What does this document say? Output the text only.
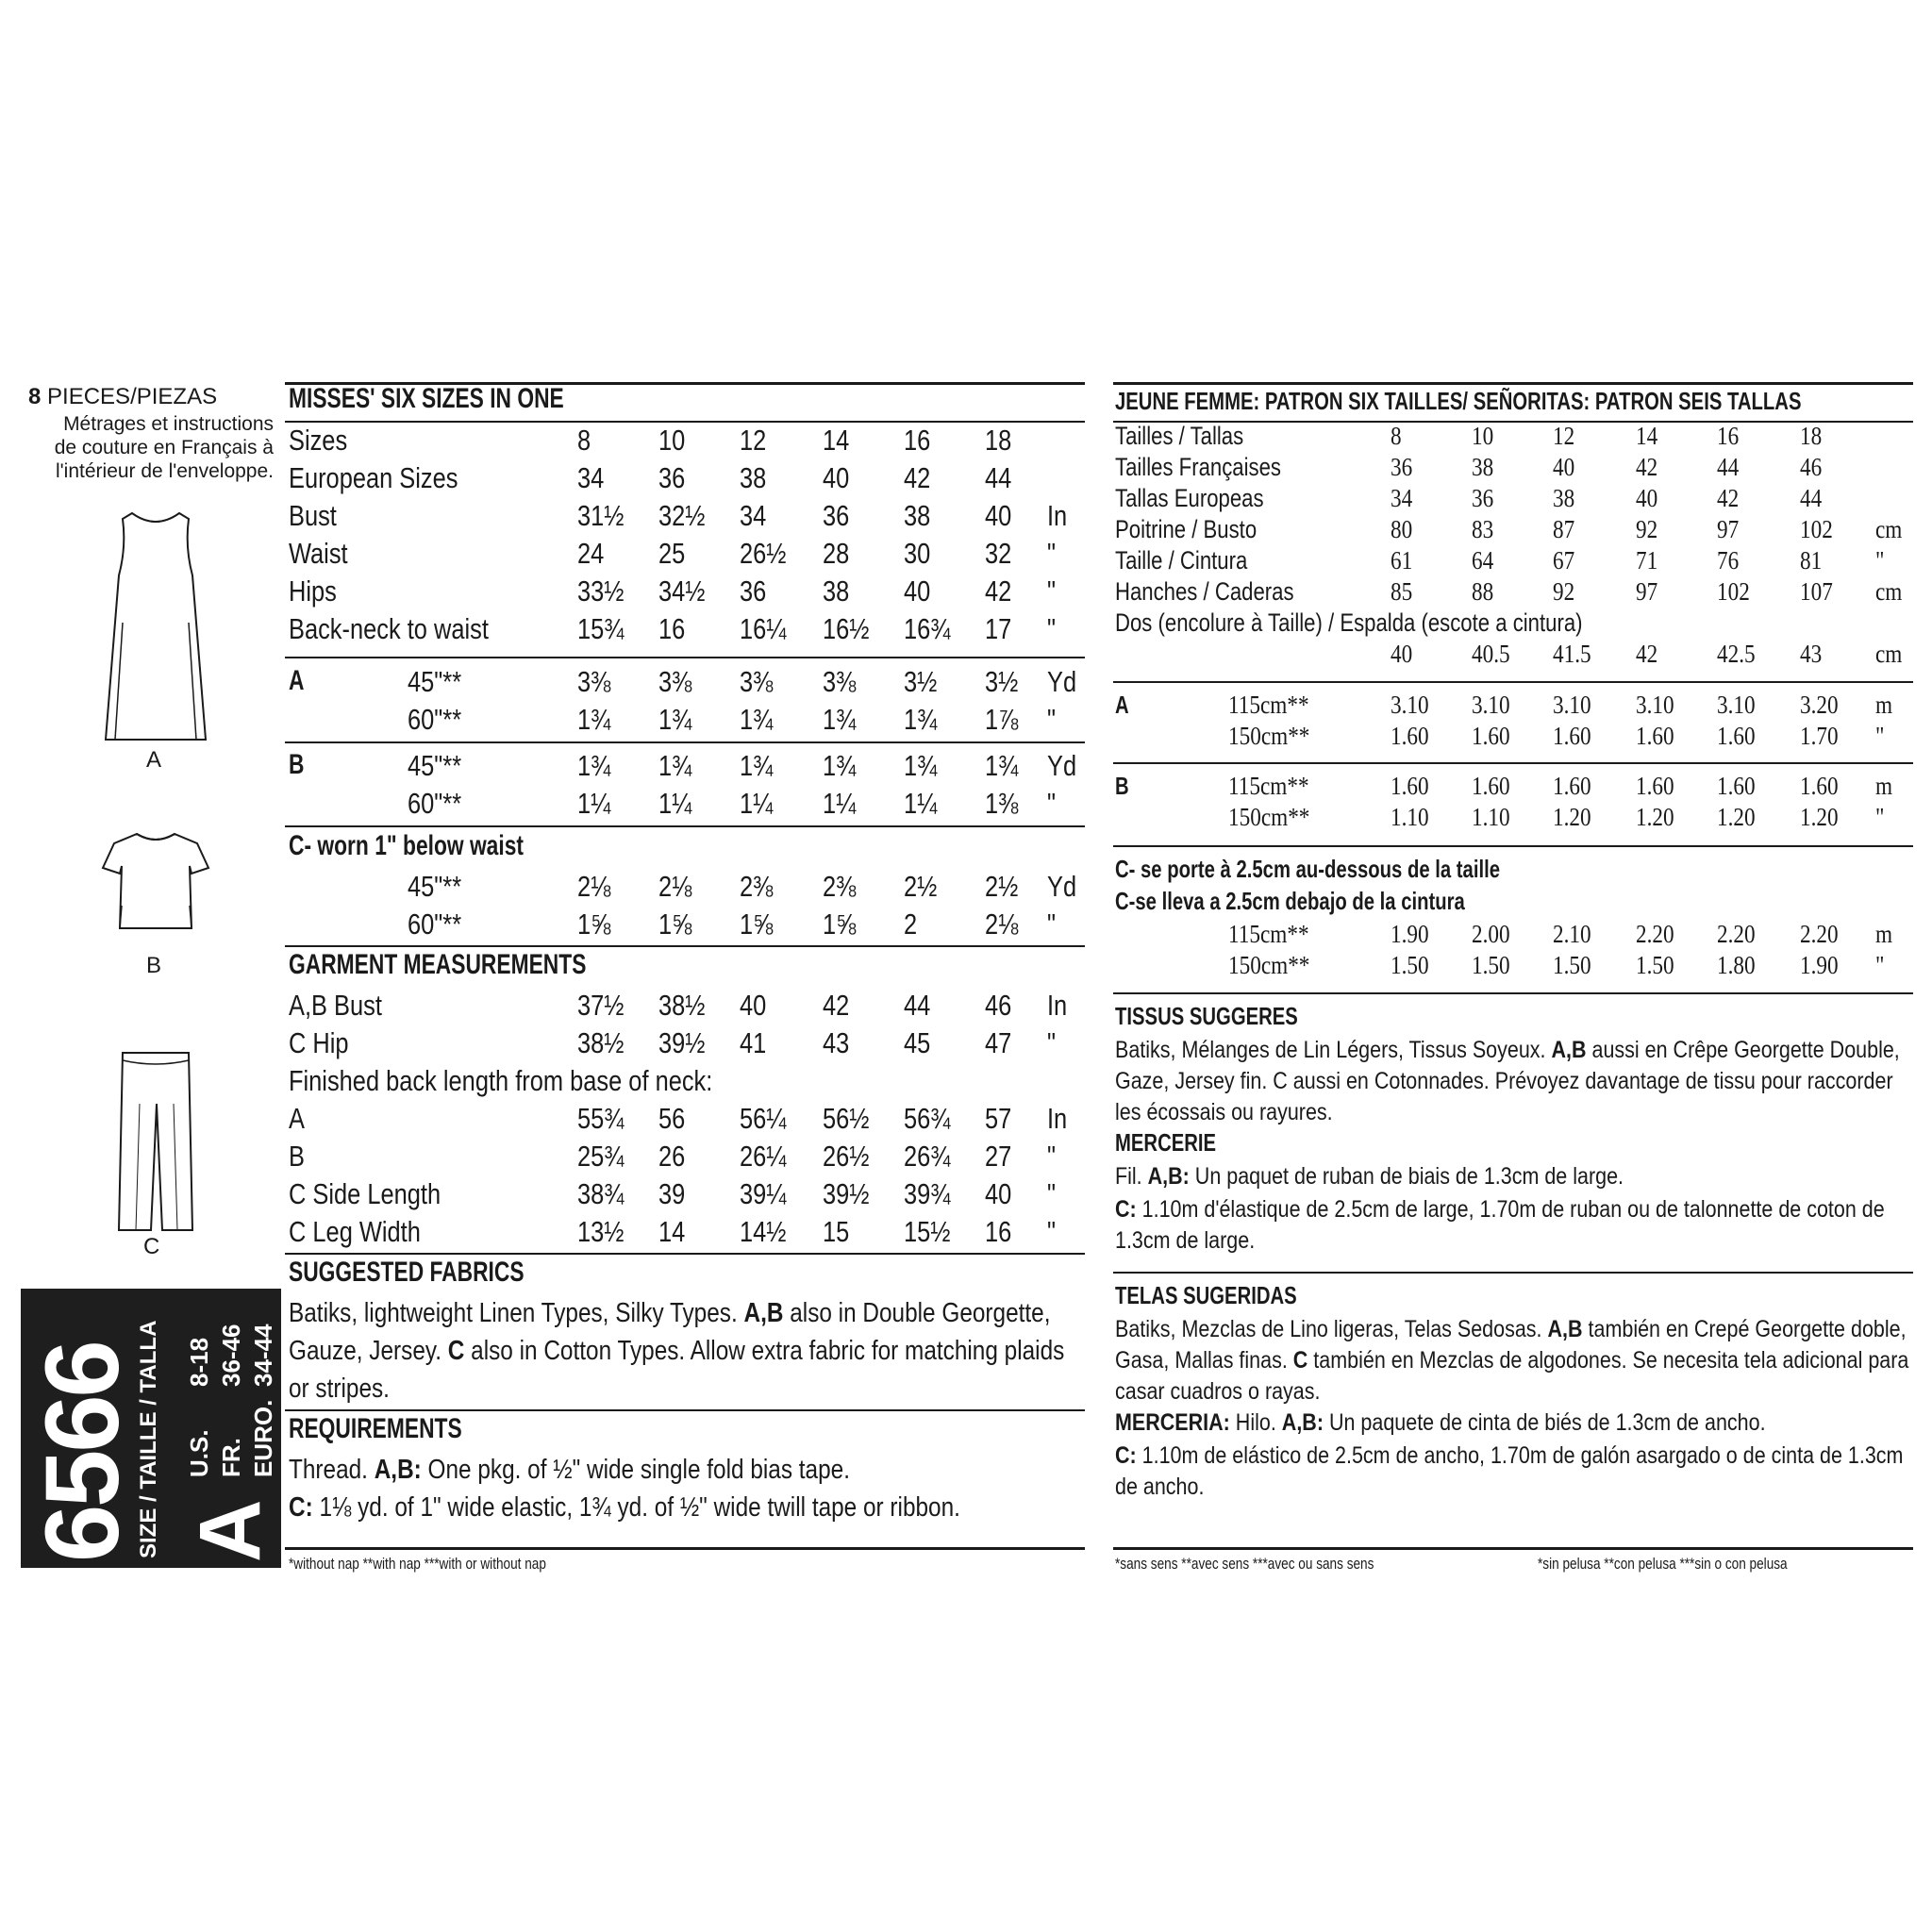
8 PIECES/PIEZAS
Métrages et instructions
de couture en Français à
l'intérieur de l'enveloppe.
A
B
C
6566
SIZE / TAILLE / TALLA A
U.S.8-18
FR.36-46
EURO.34-44
MISSES' SIX SIZES IN ONE
Sizes	8 10 12 14 16 18
European Sizes	34 36 38 40 42 44
Bust	31½ 32½ 34 36 38 40 In
Waist	24 25 26½ 28 30 32 "
Hips	33½ 34½ 36 38 40 42 "
Back-neck to waist	15¾ 16 16¼ 16½ 16¾ 17 "
A	45"**	3⅜ 3⅜ 3⅜ 3⅜ 3½ 3½ Yd
60"**	1¾ 1¾ 1¾ 1¾ 1¾ 1⅞ "
B	45"**	1¾ 1¾ 1¾ 1¾ 1¾ 1¾ Yd
60"**	1¼ 1¼ 1¼ 1¼ 1¼ 1⅜ "
C- worn 1" below waist
45"**	2⅛ 2⅛ 2⅜ 2⅜ 2½ 2½ Yd
60"**	1⅝ 1⅝ 1⅝ 1⅝ 2 2⅛ "
GARMENT MEASUREMENTS
A,B Bust	37½ 38½ 40 42 44 46 In
C Hip	38½ 39½ 41 43 45 47 "
Finished back length from base of neck:
A	55¾ 56 56¼ 56½ 56¾ 57 In
B	25¾ 26 26¼ 26½ 26¾ 27 "
C Side Length	38¾ 39 39¼ 39½ 39¾ 40 "
C Leg Width	13½ 14 14½ 15 15½ 16 "
SUGGESTED FABRICS
Batiks, lightweight Linen Types, Silky Types. A,B also in Double Georgette, Gauze, Jersey. C also in Cotton Types. Allow extra fabric for matching plaids or stripes.
REQUIREMENTS
Thread. A,B: One pkg. of ½" wide single fold bias tape.
C: 1⅛ yd. of 1" wide elastic, 1¾ yd. of ½" wide twill tape or ribbon.
*without nap **with nap ***with or without nap
JEUNE FEMME: PATRON SIX TAILLES/ SEÑORITAS: PATRON SEIS TALLAS
Tailles / Tallas	8	10 12 14 16 18
Tailles Françaises	36 38 40 42 44 46
Tallas Europeas	34 36 38 40 42 44
Poitrine / Busto	80 83 87 92 97 102 cm
Taille / Cintura	61 64 67 71 76 81 "
Hanches / Caderas	85 88 92 97 102 107 cm
Dos (encolure à Taille) / Espalda (escote a cintura)
40 40.5 41.5 42 42.5 43 cm
A	115cm**	3.10 3.10 3.10 3.10 3.10 3.20 m
150cm**	1.60 1.60 1.60 1.60 1.60 1.70 "
B	115cm**	1.60 1.60 1.60 1.60 1.60 1.60 m
150cm**	1.10 1.10 1.20 1.20 1.20 1.20 "
C- se porte à 2.5cm au-dessous de la taille
C-se lleva a 2.5cm debajo de la cintura
115cm**	1.90 2.00 2.10 2.20 2.20 2.20 m
150cm**	1.50 1.50 1.50 1.50 1.80 1.90 "
TISSUS SUGGERES
Batiks, Mélanges de Lin Légers, Tissus Soyeux. A,B aussi en Crêpe Georgette Double, Gaze, Jersey fin. C aussi en Cotonnades. Prévoyez davantage de tissu pour raccorder les écossais ou rayures.
MERCERIE
Fil. A,B: Un paquet de ruban de biais de 1.3cm de large.
C: 1.10m d'élastique de 2.5cm de large, 1.70m de ruban ou de talonnette de coton de 1.3cm de large.
TELAS SUGERIDAS
Batiks, Mezclas de Lino ligeras, Telas Sedosas. A,B también en Crepé Georgette doble, Gasa, Mallas finas. C también en Mezclas de algodones. Se necesita tela adicional para casar cuadros o rayas.
MERCERIA: Hilo. A,B: Un paquete de cinta de biés de 1.3cm de ancho.
C: 1.10m de elástico de 2.5cm de ancho, 1.70m de galón asargado o de cinta de 1.3cm de ancho.
*sans sens **avec sens ***avec ou sans sens	*sin pelusa **con pelusa ***sin o con pelusa
